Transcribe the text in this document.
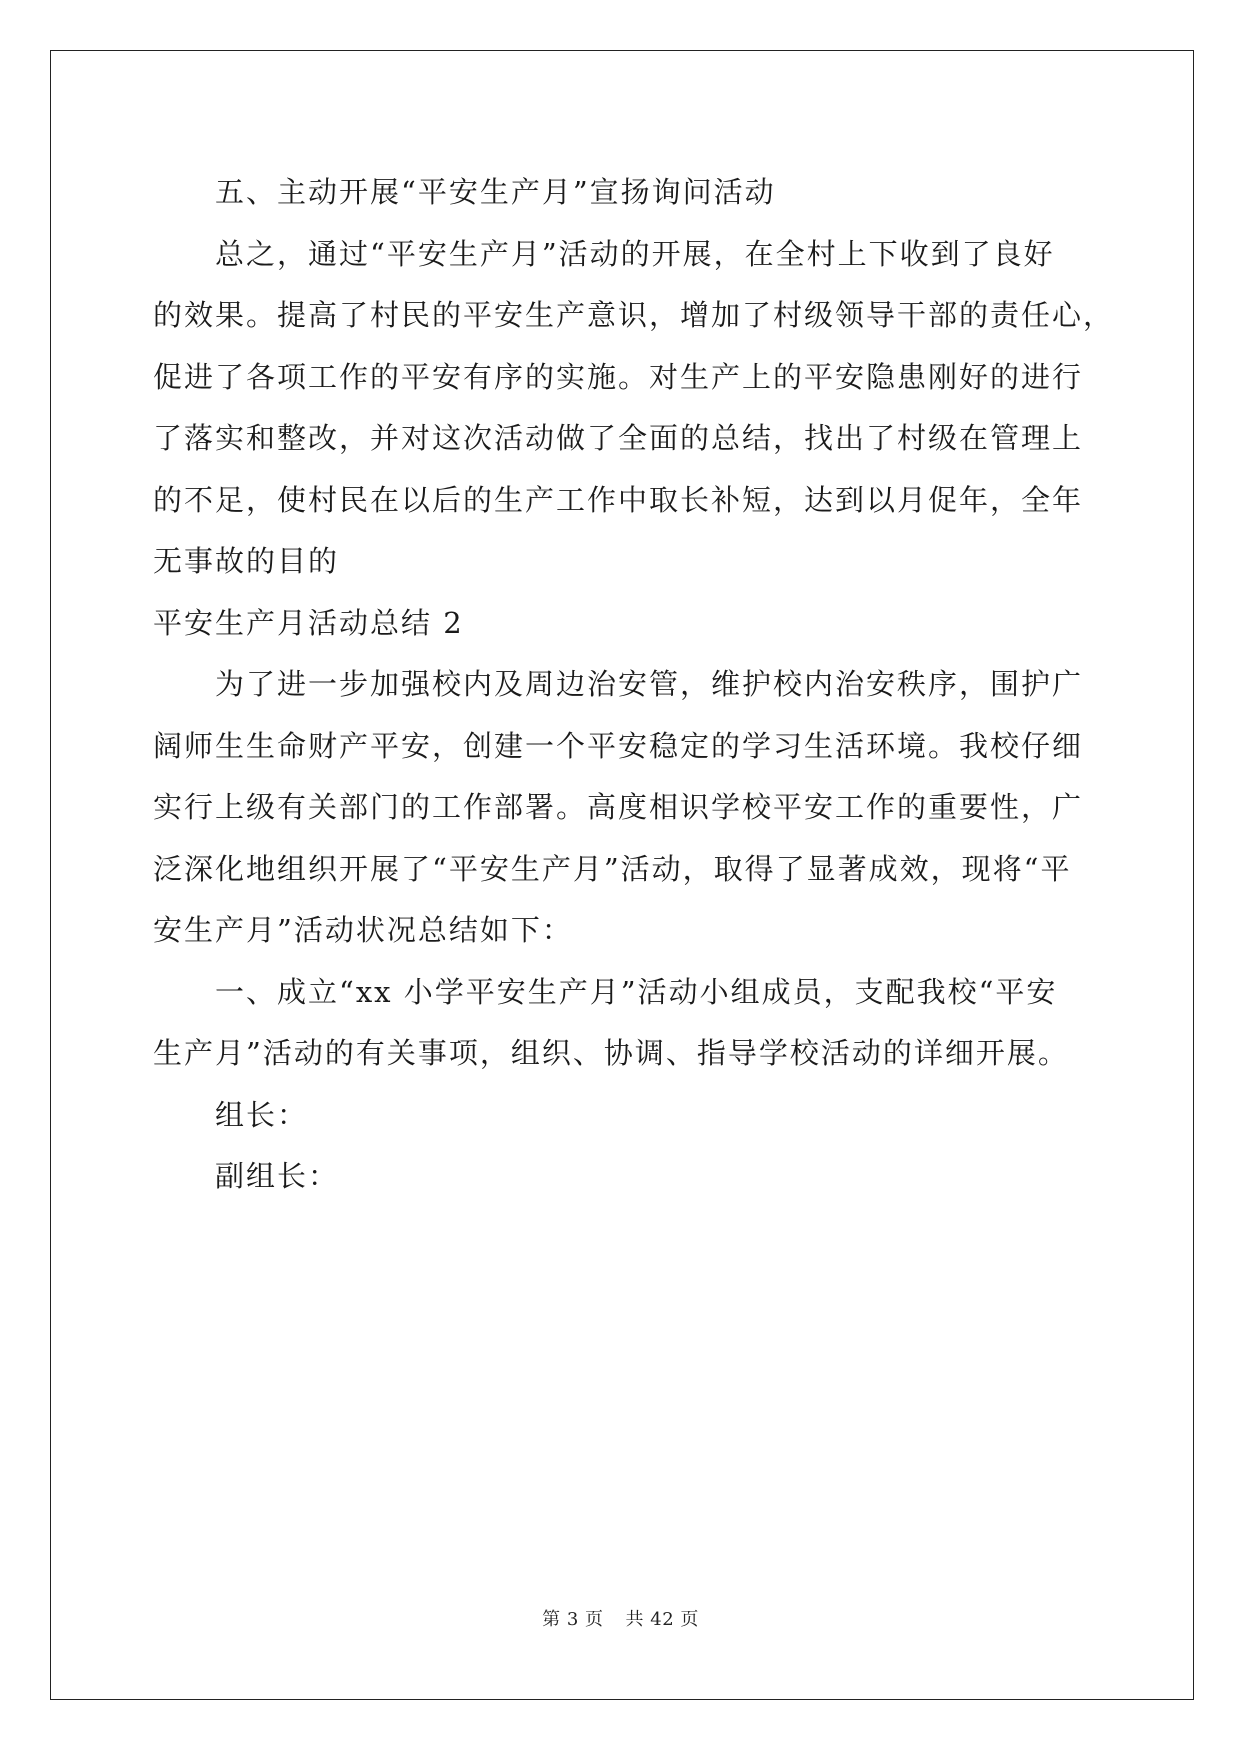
五、主动开展“平安生产月”宣扬询问活动

总之，通过“平安生产月”活动的开展，在全村上下收到了良好

的效果。提高了村民的平安生产意识，增加了村级领导干部的责任心，

促进了各项工作的平安有序的实施。对生产上的平安隐患刚好的进行

了落实和整改，并对这次活动做了全面的总结，找出了村级在管理上

的不足，使村民在以后的生产工作中取长补短，达到以月促年，全年

无事故的目的

平安生产月活动总结 2

为了进一步加强校内及周边治安管，维护校内治安秩序，围护广

阔师生生命财产平安，创建一个平安稳定的学习生活环境。我校仔细

实行上级有关部门的工作部署。高度相识学校平安工作的重要性，广

泛深化地组织开展了“平安生产月”活动，取得了显著成效，现将“平

安生产月”活动状况总结如下：

一、成立“xx 小学平安生产月”活动小组成员，支配我校“平安

生产月”活动的有关事项，组织、协调、指导学校活动的详细开展。

组长：

副组长：

第 3 页 共 42 页
